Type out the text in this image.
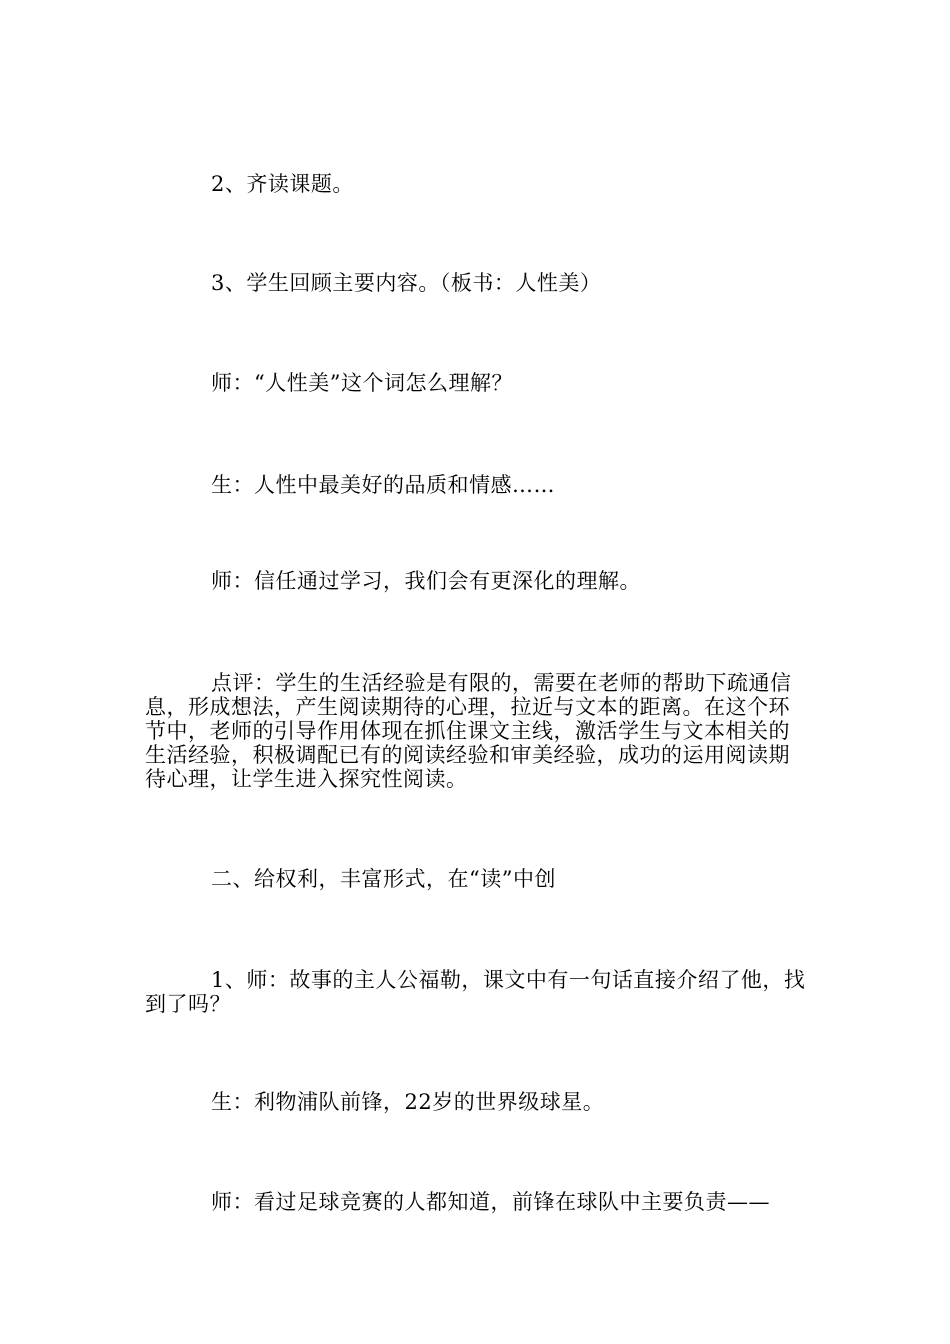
2、齐读课题。

3、学生回顾主要内容。（板书：人性美）

师：“人性美”这个词怎么理解？

生：人性中最美好的品质和情感……

师：信任通过学习，我们会有更深化的理解。

点评：学生的生活经验是有限的，需要在老师的帮助下疏通信息，形成想法，产生阅读期待的心理，拉近与文本的距离。在这个环节中，老师的引导作用体现在抓住课文主线，激活学生与文本相关的生活经验，积极调配已有的阅读经验和审美经验，成功的运用阅读期待心理，让学生进入探究性阅读。

二、给权利，丰富形式，在“读”中创

1、师：故事的主人公福勒，课文中有一句话直接介绍了他，找到了吗？

生：利物浦队前锋，22岁的世界级球星。

师：看过足球竞赛的人都知道，前锋在球队中主要负责——
